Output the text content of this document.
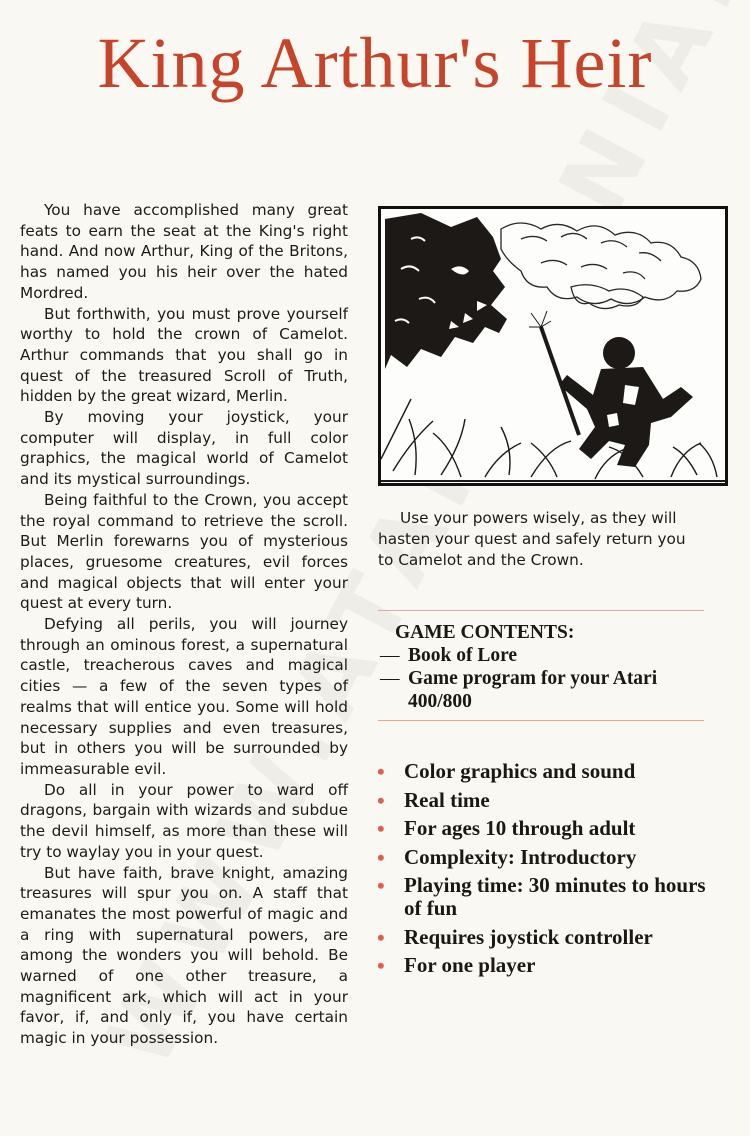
King Arthur's Heir

You have accomplished many great feats to earn the seat at the King's right hand. And now Arthur, King of the Britons, has named you his heir over the hated Mordred.

But forthwith, you must prove yourself worthy to hold the crown of Camelot. Arthur commands that you shall go in quest of the treasured Scroll of Truth, hidden by the great wizard, Merlin.

By moving your joystick, your computer will display, in full color graphics, the magical world of Camelot and its mystical surroundings.

Being faithful to the Crown, you accept the royal command to retrieve the scroll. But Merlin forewarns you of mysterious places, gruesome creatures, evil forces and magical objects that will enter your quest at every turn.

Defying all perils, you will journey through an ominous forest, a supernatural castle, treacherous caves and magical cities — a few of the seven types of realms that will entice you. Some will hold necessary supplies and even treasures, but in others you will be surrounded by immeasurable evil.

Do all in your power to ward off dragons, bargain with wizards and subdue the devil himself, as more than these will try to waylay you in your quest.

But have faith, brave knight, amazing treasures will spur you on. A staff that emanates the most powerful of magic and a ring with supernatural powers, are among the wonders you will behold. Be warned of one other treasure, a magnificent ark, which will act in your favor, if, and only if, you have certain magic in your possession.

Use your powers wisely, as they will hasten your quest and safely return you to Camelot and the Crown.
GAME CONTENTS:
— Book of Lore
— Game program for your Atari 400/800
• Color graphics and sound
• Real time
• For ages 10 through adult
• Complexity: Introductory
• Playing time: 30 minutes to hours of fun
• Requires joystick controller
• For one player
